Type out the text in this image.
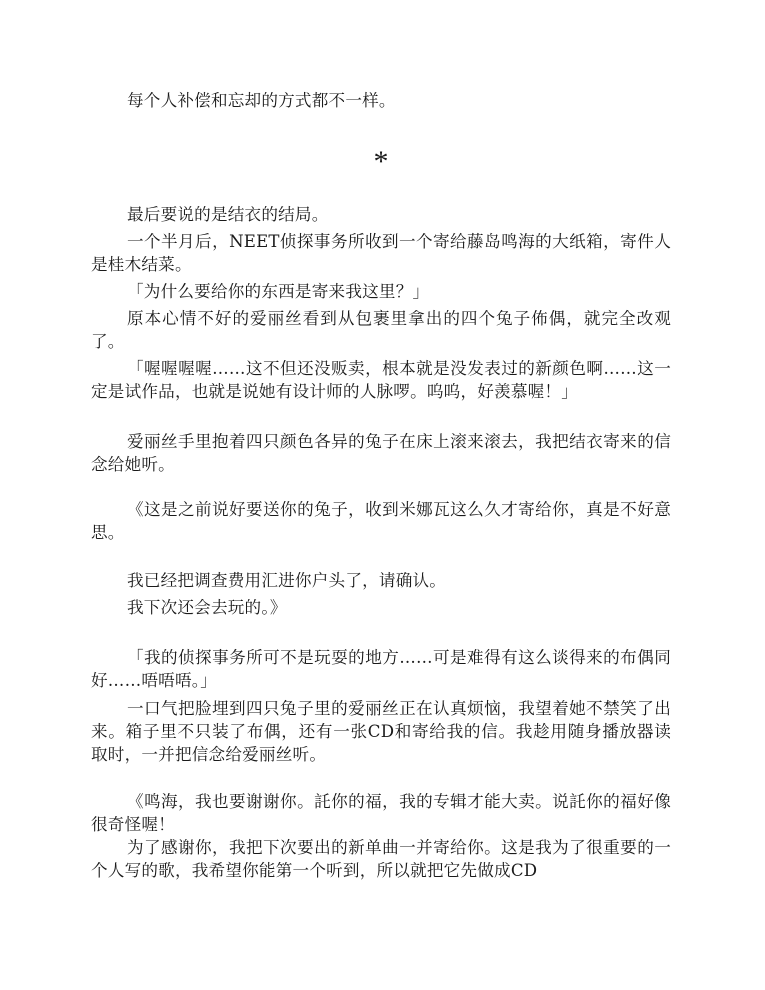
每个人补偿和忘却的方式都不一样。

*

最后要说的是结衣的结局。

一个半月后，NEET侦探事务所收到一个寄给藤岛鸣海的大纸箱，寄件人是桂木结菜。

「为什么要给你的东西是寄来我这里？」

原本心情不好的爱丽丝看到从包裹里拿出的四个兔子佈偶，就完全改观了。

「喔喔喔喔……这不但还没贩卖，根本就是没发表过的新颜色啊……这一定是试作品，也就是说她有设计师的人脉啰。呜呜，好羡慕喔！」

爱丽丝手里抱着四只颜色各异的兔子在床上滚来滚去，我把结衣寄来的信念给她听。

《这是之前说好要送你的兔子，收到米娜瓦这么久才寄给你，真是不好意思。

我已经把调查费用汇进你户头了，请确认。

我下次还会去玩的。》

「我的侦探事务所可不是玩耍的地方……可是难得有这么谈得来的布偶同好……唔唔唔。」

一口气把脸埋到四只兔子里的爱丽丝正在认真烦恼，我望着她不禁笑了出来。箱子里不只装了布偶，还有一张CD和寄给我的信。我趁用随身播放器读取时，一并把信念给爱丽丝听。

《鸣海，我也要谢谢你。託你的福，我的专辑才能大卖。说託你的福好像很奇怪喔！

为了感谢你，我把下次要出的新单曲一并寄给你。这是我为了很重要的一个人写的歌，我希望你能第一个听到，所以就把它先做成CD
